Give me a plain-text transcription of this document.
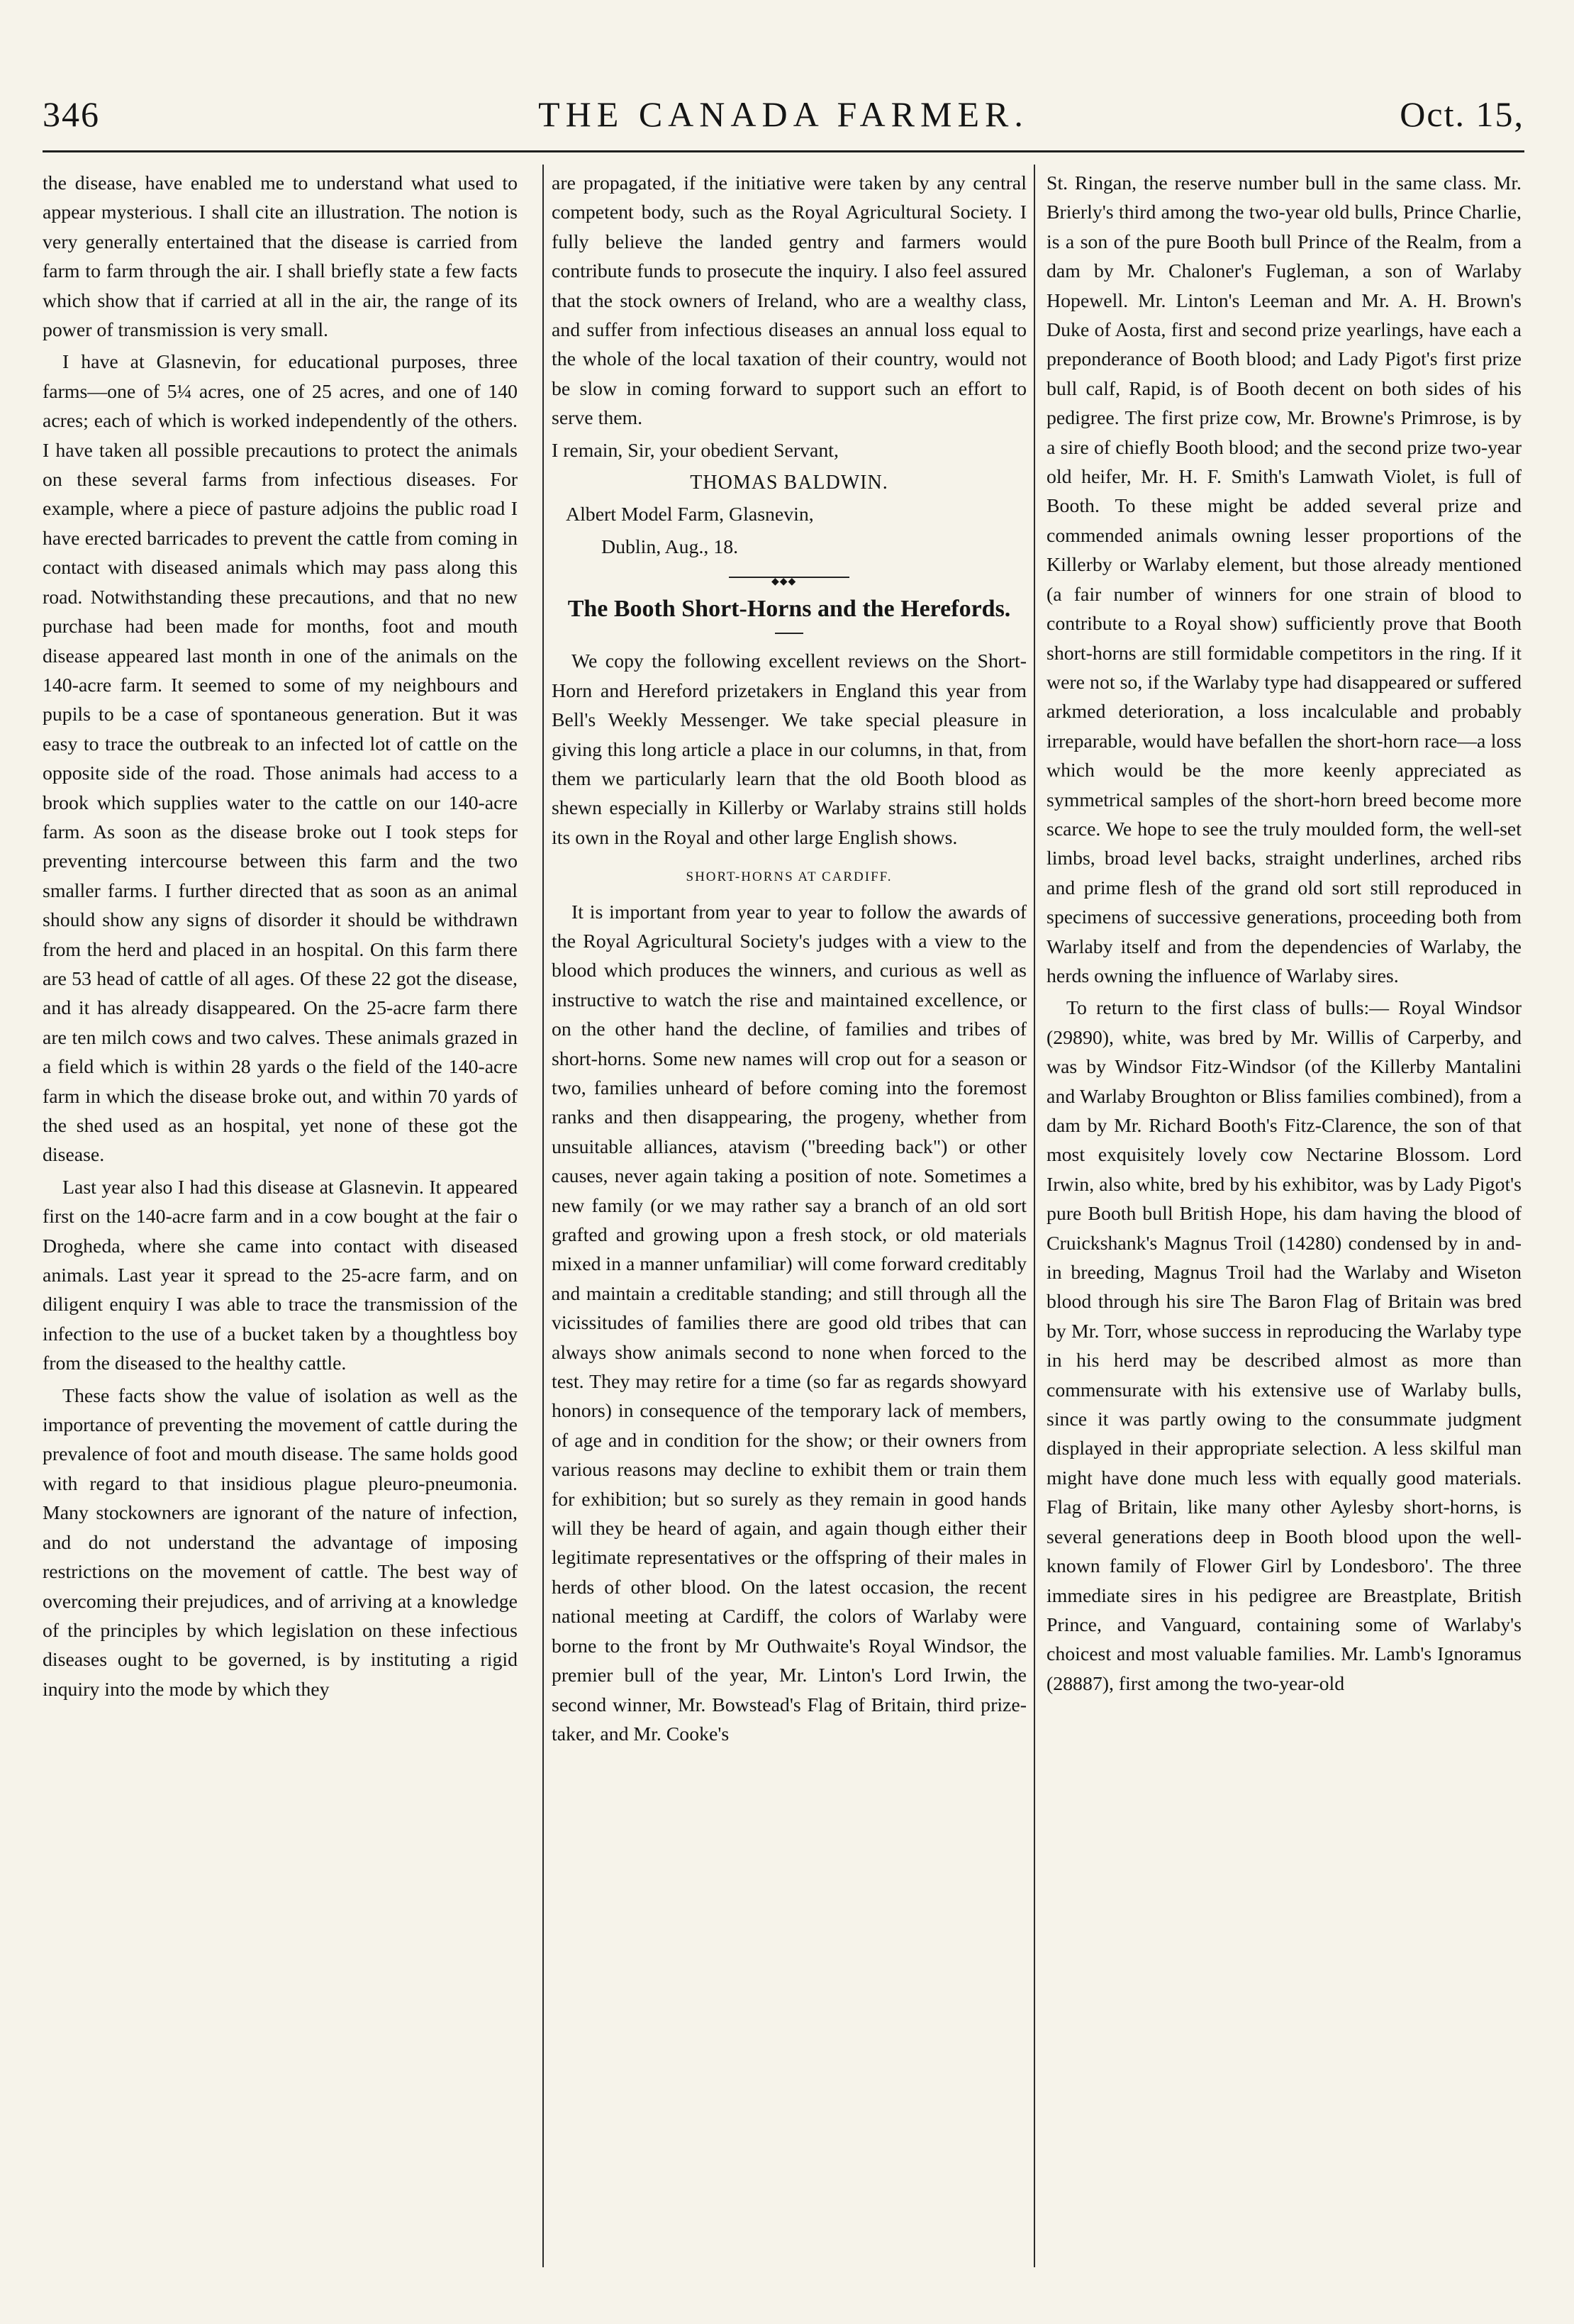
346	THE CANADA FARMER.	Oct. 15,

the disease, have enabled me to understand what used to appear mysterious. I shall cite an illustration. The notion is very generally entertained that the disease is carried from farm to farm through the air. I shall briefly state a few facts which show that if carried at all in the air, the range of its power of transmission is very small.

I have at Glasnevin, for educational purposes, three farms—one of 5¼ acres, one of 25 acres, and one of 140 acres; each of which is worked independently of the others. I have taken all possible precautions to protect the animals on these several farms from infectious diseases. For example, where a piece of pasture adjoins the public road I have erected barricades to prevent the cattle from coming in contact with diseased animals which may pass along this road. Notwithstanding these precautions, and that no new purchase had been made for months, foot and mouth disease appeared last month in one of the animals on the 140-acre farm. It seemed to some of my neighbours and pupils to be a case of spontaneous generation. But it was easy to trace the outbreak to an infected lot of cattle on the opposite side of the road. Those animals had access to a brook which supplies water to the cattle on our 140-acre farm. As soon as the disease broke out I took steps for preventing intercourse between this farm and the two smaller farms. I further directed that as soon as an animal should show any signs of disorder it should be withdrawn from the herd and placed in an hospital. On this farm there are 53 head of cattle of all ages. Of these 22 got the disease, and it has already disappeared. On the 25-acre farm there are ten milch cows and two calves. These animals grazed in a field which is within 28 yards o the field of the 140-acre farm in which the disease broke out, and within 70 yards of the shed used as an hospital, yet none of these got the disease.

Last year also I had this disease at Glasnevin. It appeared first on the 140-acre farm and in a cow bought at the fair o Drogheda, where she came into contact with diseased animals. Last year it spread to the 25-acre farm, and on diligent enquiry I was able to trace the transmission of the infection to the use of a bucket taken by a thoughtless boy from the diseased to the healthy cattle.

These facts show the value of isolation as well as the importance of preventing the movement of cattle during the prevalence of foot and mouth disease. The same holds good with regard to that insidious plague pleuro-pneumonia. Many stockowners are ignorant of the nature of infection, and do not understand the advantage of imposing restrictions on the movement of cattle. The best way of overcoming their prejudices, and of arriving at a knowledge of the principles by which legislation on these infectious diseases ought to be governed, is by instituting a rigid inquiry into the mode by which they

are propagated, if the initiative were taken by any central competent body, such as the Royal Agricultural Society. I fully believe the landed gentry and farmers would contribute funds to prosecute the inquiry. I also feel assured that the stock owners of Ireland, who are a wealthy class, and suffer from infectious diseases an annual loss equal to the whole of the local taxation of their country, would not be slow in coming forward to support such an effort to serve them.

I remain, Sir, your obedient Servant,

THOMAS BALDWIN.

Albert Model Farm, Glasnevin,

Dublin, Aug., 18.

◆◆◆
The Booth Short-Horns and the Herefords.

We copy the following excellent reviews on the Short-Horn and Hereford prizetakers in England this year from Bell's Weekly Messenger. We take special pleasure in giving this long article a place in our columns, in that, from them we particularly learn that the old Booth blood as shewn especially in Killerby or Warlaby strains still holds its own in the Royal and other large English shows.

SHORT-HORNS AT CARDIFF.

It is important from year to year to follow the awards of the Royal Agricultural Society's judges with a view to the blood which produces the winners, and curious as well as instructive to watch the rise and maintained excellence, or on the other hand the decline, of families and tribes of short-horns. Some new names will crop out for a season or two, families unheard of before coming into the foremost ranks and then disappearing, the progeny, whether from unsuitable alliances, atavism ("breeding back") or other causes, never again taking a position of note. Sometimes a new family (or we may rather say a branch of an old sort grafted and growing upon a fresh stock, or old materials mixed in a manner unfamiliar) will come forward creditably and maintain a creditable standing; and still through all the vicissitudes of families there are good old tribes that can always show animals second to none when forced to the test. They may retire for a time (so far as regards showyard honors) in consequence of the temporary lack of members, of age and in condition for the show; or their owners from various reasons may decline to exhibit them or train them for exhibition; but so surely as they remain in good hands will they be heard of again, and again though either their legitimate representatives or the offspring of their males in herds of other blood. On the latest occasion, the recent national meeting at Cardiff, the colors of Warlaby were borne to the front by Mr Outhwaite's Royal Windsor, the premier bull of the year, Mr. Linton's Lord Irwin, the second winner, Mr. Bowstead's Flag of Britain, third prize-taker, and Mr. Cooke's

St. Ringan, the reserve number bull in the same class. Mr. Brierly's third among the two-year old bulls, Prince Charlie, is a son of the pure Booth bull Prince of the Realm, from a dam by Mr. Chaloner's Fugleman, a son of Warlaby Hopewell. Mr. Linton's Leeman and Mr. A. H. Brown's Duke of Aosta, first and second prize yearlings, have each a preponderance of Booth blood; and Lady Pigot's first prize bull calf, Rapid, is of Booth decent on both sides of his pedigree. The first prize cow, Mr. Browne's Primrose, is by a sire of chiefly Booth blood; and the second prize two-year old heifer, Mr. H. F. Smith's Lamwath Violet, is full of Booth. To these might be added several prize and commended animals owning lesser proportions of the Killerby or Warlaby element, but those already mentioned (a fair number of winners for one strain of blood to contribute to a Royal show) sufficiently prove that Booth short-horns are still formidable competitors in the ring. If it were not so, if the Warlaby type had disappeared or suffered arkmed deterioration, a loss incalculable and probably irreparable, would have befallen the short-horn race—a loss which would be the more keenly appreciated as symmetrical samples of the short-horn breed become more scarce. We hope to see the truly moulded form, the well-set limbs, broad level backs, straight underlines, arched ribs and prime flesh of the grand old sort still reproduced in specimens of successive generations, proceeding both from Warlaby itself and from the dependencies of Warlaby, the herds owning the influence of Warlaby sires.

To return to the first class of bulls:— Royal Windsor (29890), white, was bred by Mr. Willis of Carperby, and was by Windsor Fitz-Windsor (of the Killerby Mantalini and Warlaby Broughton or Bliss families combined), from a dam by Mr. Richard Booth's Fitz-Clarence, the son of that most exquisitely lovely cow Nectarine Blossom. Lord Irwin, also white, bred by his exhibitor, was by Lady Pigot's pure Booth bull British Hope, his dam having the blood of Cruickshank's Magnus Troil (14280) condensed by in and-in breeding, Magnus Troil had the Warlaby and Wiseton blood through his sire The Baron Flag of Britain was bred by Mr. Torr, whose success in reproducing the Warlaby type in his herd may be described almost as more than commensurate with his extensive use of Warlaby bulls, since it was partly owing to the consummate judgment displayed in their appropriate selection. A less skilful man might have done much less with equally good materials. Flag of Britain, like many other Aylesby short-horns, is several generations deep in Booth blood upon the well-known family of Flower Girl by Londesboro'. The three immediate sires in his pedigree are Breastplate, British Prince, and Vanguard, containing some of Warlaby's choicest and most valuable families. Mr. Lamb's Ignoramus (28887), first among the two-year-old
